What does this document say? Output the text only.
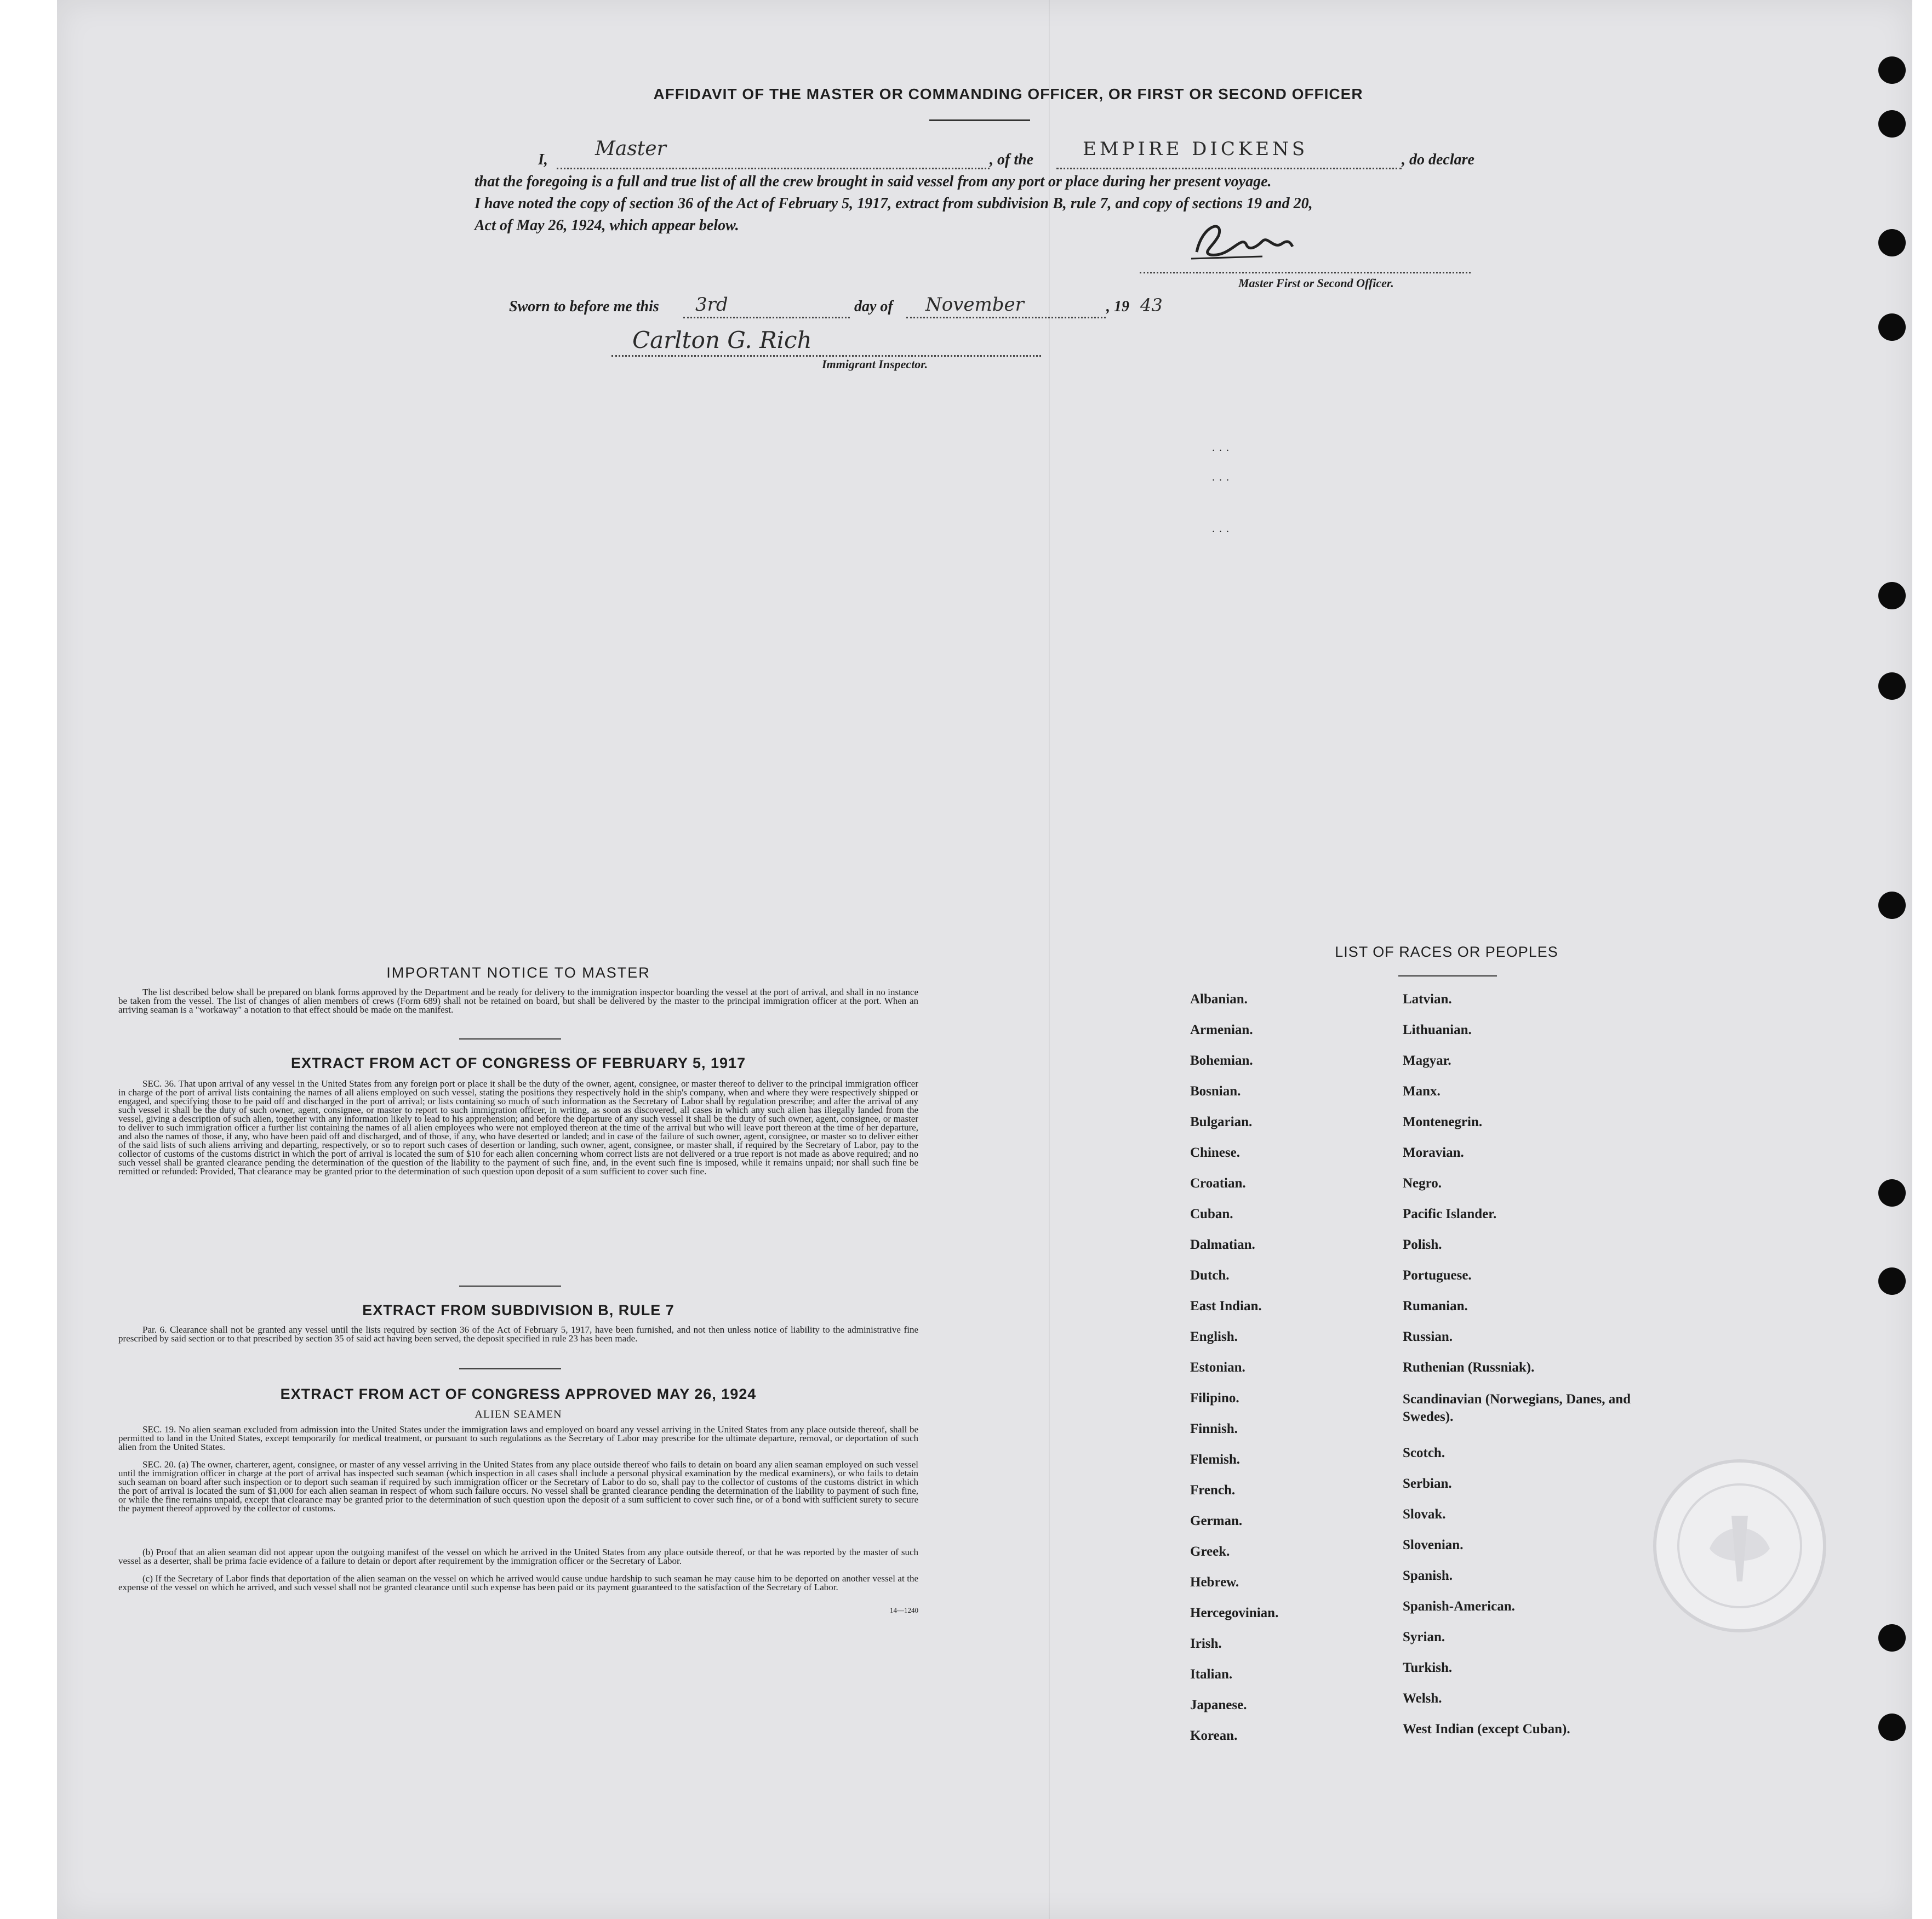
AFFIDAVIT OF THE MASTER OR COMMANDING OFFICER, OR FIRST OR SECOND OFFICER
I, Master	, of the	EMPIRE DICKENS	, do declare
that the foregoing is a full and true list of all the crew brought in said vessel from any port or place during her present voyage.
I have noted the copy of section 36 of the Act of February 5, 1917, extract from subdivision B, rule 7, and copy of sections 19 and 20,
Act of May 26, 1924, which appear below.
Master First or Second Officer.
Sworn to before me this 3rd	day of November	, 19 43
Carlton G. Rich
Immigrant Inspector.
...
...
...
IMPORTANT NOTICE TO MASTER
The list described below shall be prepared on blank forms approved by the Department and be ready for delivery to the immigration inspector boarding the vessel at the port of arrival, and shall in no instance be taken from the vessel. The list of changes of alien members of crews (Form 689) shall not be retained on board, but shall be delivered by the master to the principal immigration officer at the port. When an arriving seaman is a "workaway" a notation to that effect should be made on the manifest.
EXTRACT FROM ACT OF CONGRESS OF FEBRUARY 5, 1917
SEC. 36. That upon arrival of any vessel in the United States from any foreign port or place it shall be the duty of the owner, agent, consignee, or master thereof to deliver to the principal immigration officer in charge of the port of arrival lists containing the names of all aliens employed on such vessel, stating the positions they respectively hold in the ship's company, when and where they were respectively shipped or engaged, and specifying those to be paid off and discharged in the port of arrival; or lists containing so much of such information as the Secretary of Labor shall by regulation prescribe; and after the arrival of any such vessel it shall be the duty of such owner, agent, consignee, or master to report to such immigration officer, in writing, as soon as discovered, all cases in which any such alien has illegally landed from the vessel, giving a description of such alien, together with any information likely to lead to his apprehension; and before the departure of any such vessel it shall be the duty of such owner, agent, consignee, or master to deliver to such immigration officer a further list containing the names of all alien employees who were not employed thereon at the time of the arrival but who will leave port thereon at the time of her departure, and also the names of those, if any, who have been paid off and discharged, and of those, if any, who have deserted or landed; and in case of the failure of such owner, agent, consignee, or master so to deliver either of the said lists of such aliens arriving and departing, respectively, or so to report such cases of desertion or landing, such owner, agent, consignee, or master shall, if required by the Secretary of Labor, pay to the collector of customs of the customs district in which the port of arrival is located the sum of $10 for each alien concerning whom correct lists are not delivered or a true report is not made as above required; and no such vessel shall be granted clearance pending the determination of the question of the liability to the payment of such fine, and, in the event such fine is imposed, while it remains unpaid; nor shall such fine be remitted or refunded: Provided, That clearance may be granted prior to the determination of such question upon deposit of a sum sufficient to cover such fine.
EXTRACT FROM SUBDIVISION B, RULE 7
Par. 6. Clearance shall not be granted any vessel until the lists required by section 36 of the Act of February 5, 1917, have been furnished, and not then unless notice of liability to the administrative fine prescribed by said section or to that prescribed by section 35 of said act having been served, the deposit specified in rule 23 has been made.
EXTRACT FROM ACT OF CONGRESS APPROVED MAY 26, 1924
ALIEN SEAMEN
SEC. 19. No alien seaman excluded from admission into the United States under the immigration laws and employed on board any vessel arriving in the United States from any place outside thereof, shall be permitted to land in the United States, except temporarily for medical treatment, or pursuant to such regulations as the Secretary of Labor may prescribe for the ultimate departure, removal, or deportation of such alien from the United States.
SEC. 20. (a) The owner, charterer, agent, consignee, or master of any vessel arriving in the United States from any place outside thereof who fails to detain on board any alien seaman employed on such vessel until the immigration officer in charge at the port of arrival has inspected such seaman (which inspection in all cases shall include a personal physical examination by the medical examiners), or who fails to detain such seaman on board after such inspection or to deport such seaman if required by such immigration officer or the Secretary of Labor to do so, shall pay to the collector of customs of the customs district in which the port of arrival is located the sum of $1,000 for each alien seaman in respect of whom such failure occurs. No vessel shall be granted clearance pending the determination of the liability to payment of such fine, or while the fine remains unpaid, except that clearance may be granted prior to the determination of such question upon the deposit of a sum sufficient to cover such fine, or of a bond with sufficient surety to secure the payment thereof approved by the collector of customs.
(b) Proof that an alien seaman did not appear upon the outgoing manifest of the vessel on which he arrived in the United States from any place outside thereof, or that he was reported by the master of such vessel as a deserter, shall be prima facie evidence of a failure to detain or deport after requirement by the immigration officer or the Secretary of Labor.
(c) If the Secretary of Labor finds that deportation of the alien seaman on the vessel on which he arrived would cause undue hardship to such seaman he may cause him to be deported on another vessel at the expense of the vessel on which he arrived, and such vessel shall not be granted clearance until such expense has been paid or its payment guaranteed to the satisfaction of the Secretary of Labor.
14—1240
LIST OF RACES OR PEOPLES
Albanian.
Armenian.
Bohemian.
Bosnian.
Bulgarian.
Chinese.
Croatian.
Cuban.
Dalmatian.
Dutch.
East Indian.
English.
Estonian.
Filipino.
Finnish.
Flemish.
French.
German.
Greek.
Hebrew.
Hercegovinian.
Irish.
Italian.
Japanese.
Korean.
Latvian.
Lithuanian.
Magyar.
Manx.
Montenegrin.
Moravian.
Negro.
Pacific Islander.
Polish.
Portuguese.
Rumanian.
Russian.
Ruthenian (Russniak).
Scandinavian (Norwegians, Danes, and Swedes).
Scotch.
Serbian.
Slovak.
Slovenian.
Spanish.
Spanish-American.
Syrian.
Turkish.
Welsh.
West Indian (except Cuban).
